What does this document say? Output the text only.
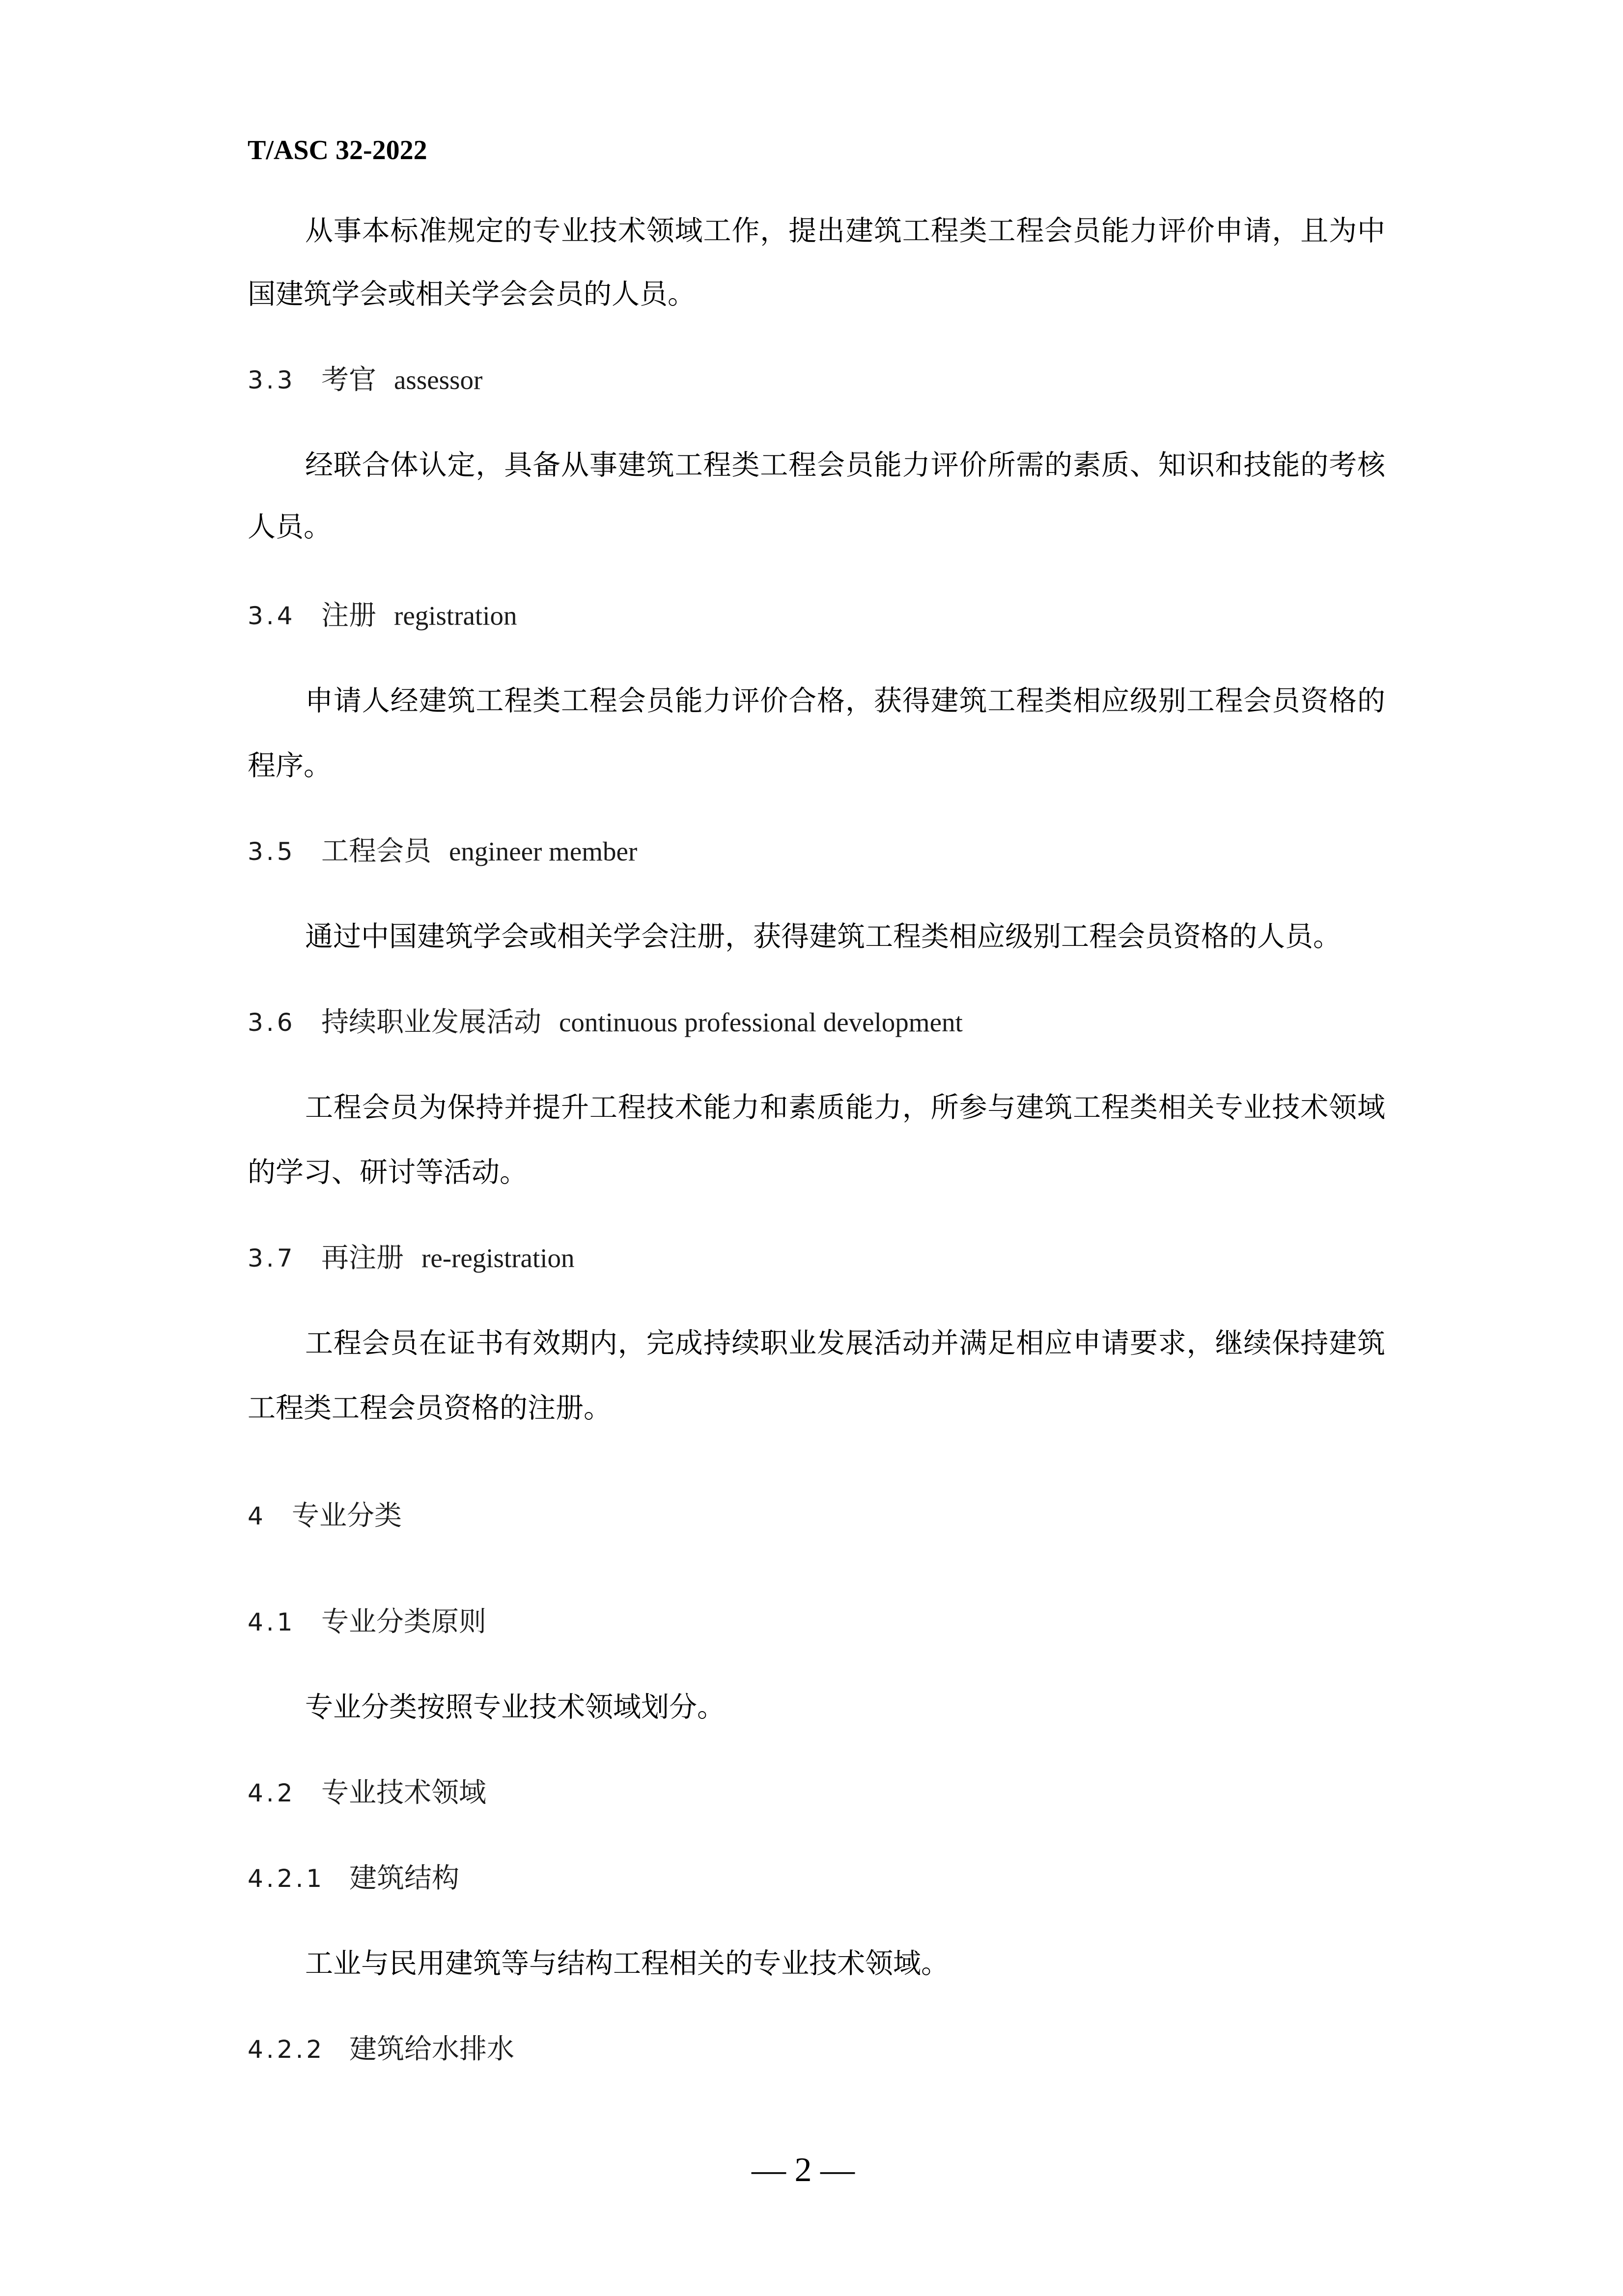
T/ASC 32-2022
从事本标准规定的专业技术领域工作，提出建筑工程类工程会员能力评价申请，且为中
国建筑学会或相关学会会员的人员。
3.3 考官 assessor
经联合体认定，具备从事建筑工程类工程会员能力评价所需的素质、知识和技能的考核
人员。
3.4 注册 registration
申请人经建筑工程类工程会员能力评价合格，获得建筑工程类相应级别工程会员资格的
程序。
3.5 工程会员 engineer member
通过中国建筑学会或相关学会注册，获得建筑工程类相应级别工程会员资格的人员。
3.6 持续职业发展活动 continuous professional development
工程会员为保持并提升工程技术能力和素质能力，所参与建筑工程类相关专业技术领域
的学习、研讨等活动。
3.7 再注册 re-registration
工程会员在证书有效期内，完成持续职业发展活动并满足相应申请要求，继续保持建筑
工程类工程会员资格的注册。
4 专业分类
4.1 专业分类原则
专业分类按照专业技术领域划分。
4.2 专业技术领域
4.2.1 建筑结构
工业与民用建筑等与结构工程相关的专业技术领域。
4.2.2 建筑给水排水
— 2 —
